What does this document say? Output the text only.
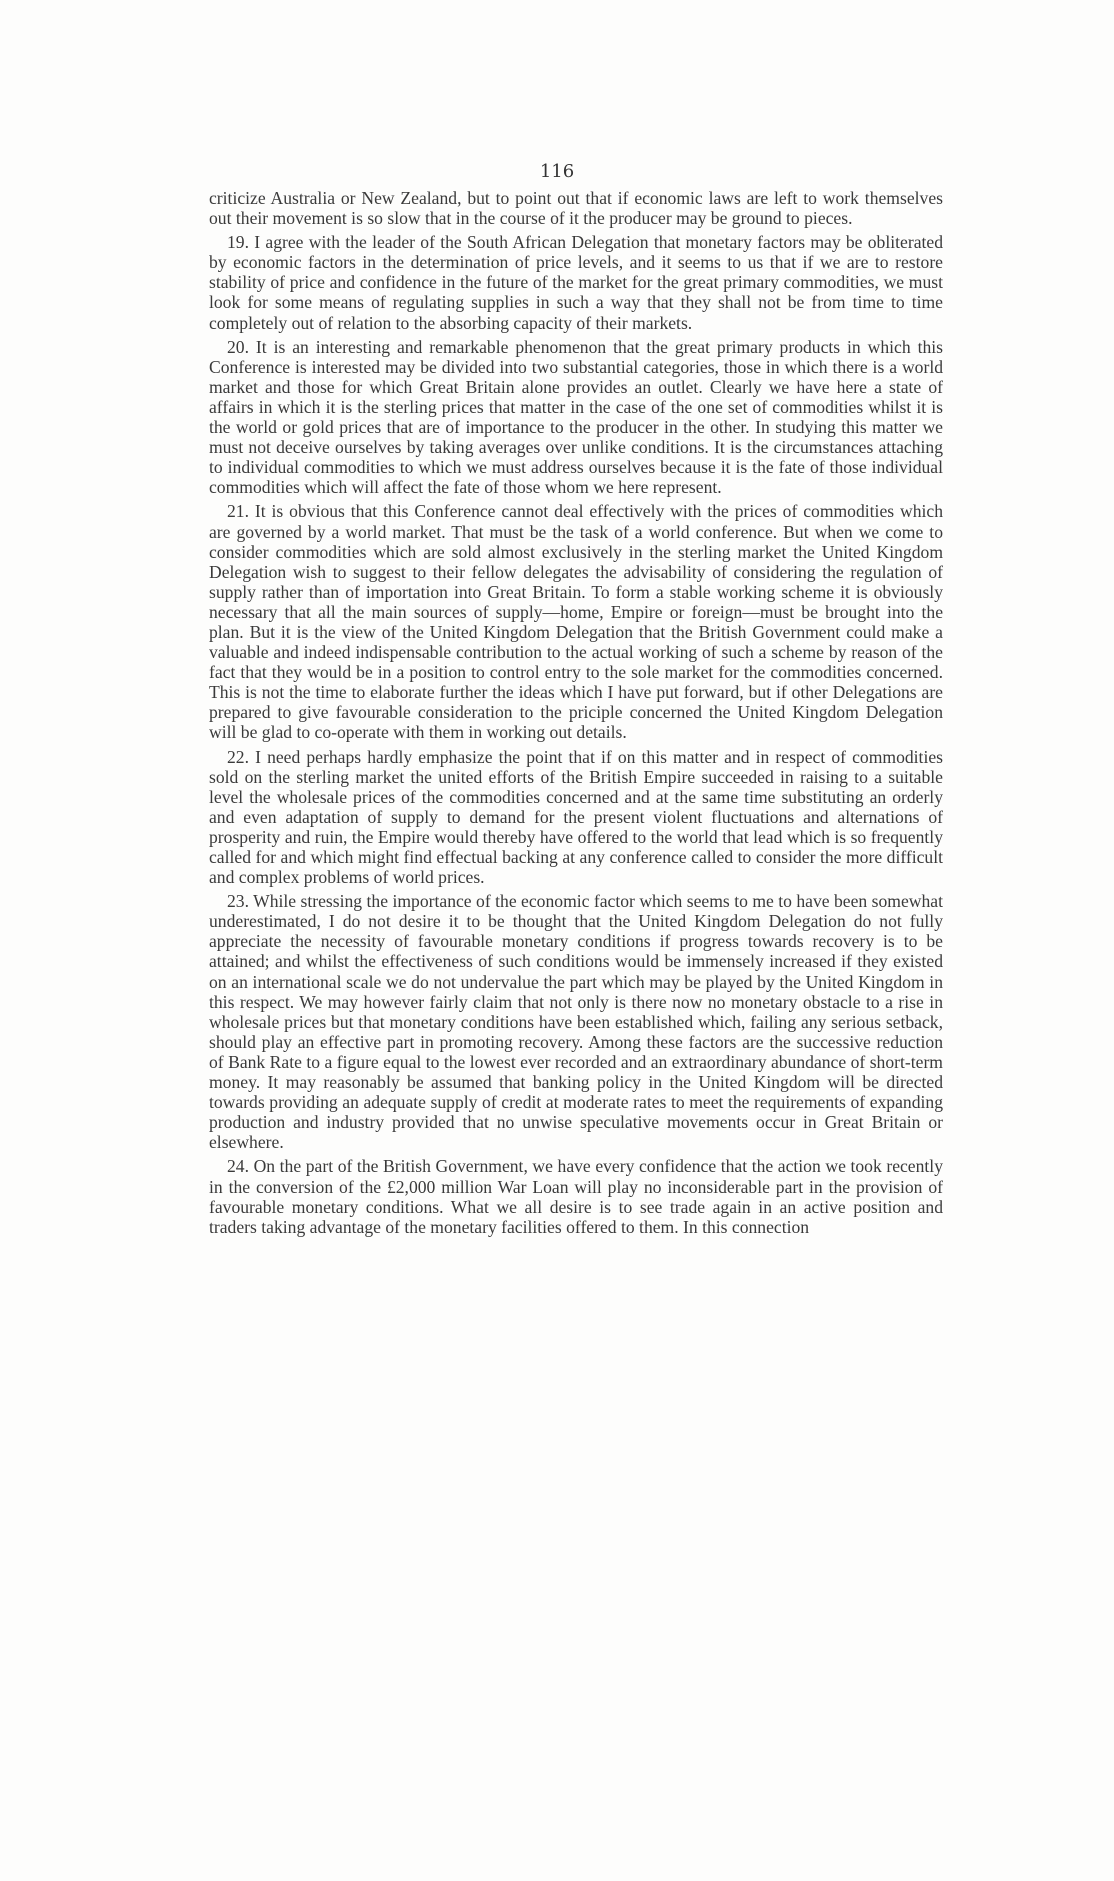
116

criticize Australia or New Zealand, but to point out that if economic laws are left to work themselves out their movement is so slow that in the course of it the producer may be ground to pieces.

19. I agree with the leader of the South African Delegation that monetary factors may be obliterated by economic factors in the determination of price levels, and it seems to us that if we are to restore stability of price and confidence in the future of the market for the great primary commodities, we must look for some means of regulating supplies in such a way that they shall not be from time to time completely out of relation to the absorbing capacity of their markets.

20. It is an interesting and remarkable phenomenon that the great primary products in which this Conference is interested may be divided into two substantial categories, those in which there is a world market and those for which Great Britain alone provides an outlet. Clearly we have here a state of affairs in which it is the sterling prices that matter in the case of the one set of commodities whilst it is the world or gold prices that are of importance to the producer in the other. In studying this matter we must not deceive ourselves by taking averages over unlike conditions. It is the circumstances attaching to individual commodities to which we must address ourselves because it is the fate of those individual commodities which will affect the fate of those whom we here represent.

21. It is obvious that this Conference cannot deal effectively with the prices of commodities which are governed by a world market. That must be the task of a world conference. But when we come to consider commodities which are sold almost exclusively in the sterling market the United Kingdom Delegation wish to suggest to their fellow delegates the advisability of considering the regulation of supply rather than of importation into Great Britain. To form a stable working scheme it is obviously necessary that all the main sources of supply—home, Empire or foreign—must be brought into the plan. But it is the view of the United Kingdom Delegation that the British Government could make a valuable and indeed indispensable contribution to the actual working of such a scheme by reason of the fact that they would be in a position to control entry to the sole market for the commodities concerned. This is not the time to elaborate further the ideas which I have put forward, but if other Delegations are prepared to give favourable consideration to the priciple concerned the United Kingdom Delegation will be glad to co-operate with them in working out details.

22. I need perhaps hardly emphasize the point that if on this matter and in respect of commodities sold on the sterling market the united efforts of the British Empire succeeded in raising to a suitable level the wholesale prices of the commodities concerned and at the same time substituting an orderly and even adaptation of supply to demand for the present violent fluctuations and alternations of prosperity and ruin, the Empire would thereby have offered to the world that lead which is so frequently called for and which might find effectual backing at any conference called to consider the more difficult and complex problems of world prices.

23. While stressing the importance of the economic factor which seems to me to have been somewhat underestimated, I do not desire it to be thought that the United Kingdom Delegation do not fully appreciate the necessity of favourable monetary conditions if progress towards recovery is to be attained; and whilst the effectiveness of such conditions would be immensely increased if they existed on an international scale we do not undervalue the part which may be played by the United Kingdom in this respect. We may however fairly claim that not only is there now no monetary obstacle to a rise in wholesale prices but that monetary conditions have been established which, failing any serious setback, should play an effective part in promoting recovery. Among these factors are the successive reduction of Bank Rate to a figure equal to the lowest ever recorded and an extraordinary abundance of short-term money. It may reasonably be assumed that banking policy in the United Kingdom will be directed towards providing an adequate supply of credit at moderate rates to meet the requirements of expanding production and industry provided that no unwise speculative movements occur in Great Britain or elsewhere.

24. On the part of the British Government, we have every confidence that the action we took recently in the conversion of the £2,000 million War Loan will play no inconsiderable part in the provision of favourable monetary conditions. What we all desire is to see trade again in an active position and traders taking advantage of the monetary facilities offered to them. In this connection
